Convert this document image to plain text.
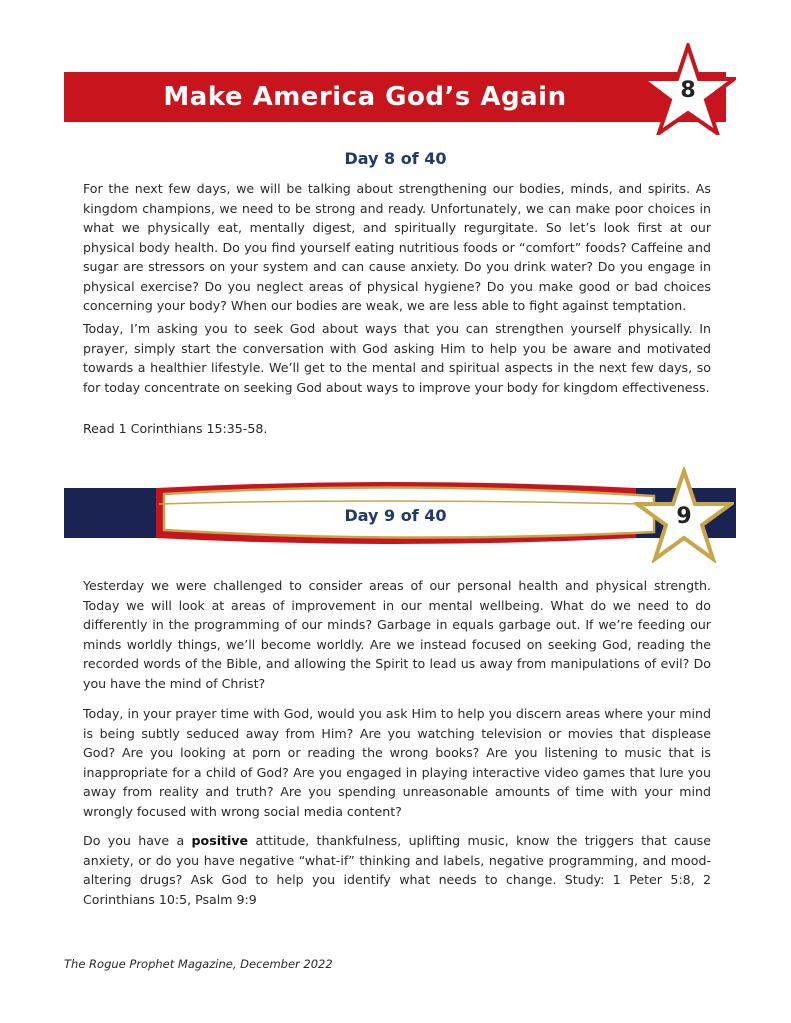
Make America God’s Again	8
Day 8 of 40

For the next few days, we will be talking about strengthening our bodies, minds, and spirits. As kingdom champions, we need to be strong and ready. Unfortunately, we can make poor choices in what we physically eat, mentally digest, and spiritually regurgitate. So let’s look first at our physical body health. Do you find yourself eating nutritious foods or “comfort” foods? Caffeine and sugar are stressors on your system and can cause anxiety. Do you drink water? Do you engage in physical exercise? Do you neglect areas of physical hygiene? Do you make good or bad choices concerning your body? When our bodies are weak, we are less able to fight against temptation.

Today, I’m asking you to seek God about ways that you can strengthen yourself physically. In prayer, simply start the conversation with God asking Him to help you be aware and motivated towards a healthier lifestyle. We’ll get to the mental and spiritual aspects in the next few days, so for today concentrate on seeking God about ways to improve your body for kingdom effectiveness.

Read 1 Corinthians 15:35-58.

Day 9 of 40	9

Yesterday we were challenged to consider areas of our personal health and physical strength. Today we will look at areas of improvement in our mental wellbeing. What do we need to do differently in the programming of our minds? Garbage in equals garbage out. If we’re feeding our minds worldly things, we’ll become worldly. Are we instead focused on seeking God, reading the recorded words of the Bible, and allowing the Spirit to lead us away from manipulations of evil? Do you have the mind of Christ?

Today, in your prayer time with God, would you ask Him to help you discern areas where your mind is being subtly seduced away from Him? Are you watching television or movies that displease God? Are you looking at porn or reading the wrong books? Are you listening to music that is inappropriate for a child of God? Are you engaged in playing interactive video games that lure you away from reality and truth? Are you spending unreasonable amounts of time with your mind wrongly focused with wrong social media content?

Do you have a positive attitude, thankfulness, uplifting music, know the triggers that cause anxiety, or do you have negative “what-if” thinking and labels, negative programming, and mood-altering drugs? Ask God to help you identify what needs to change. Study: 1 Peter 5:8, 2 Corinthians 10:5, Psalm 9:9

The Rogue Prophet Magazine, December 2022
